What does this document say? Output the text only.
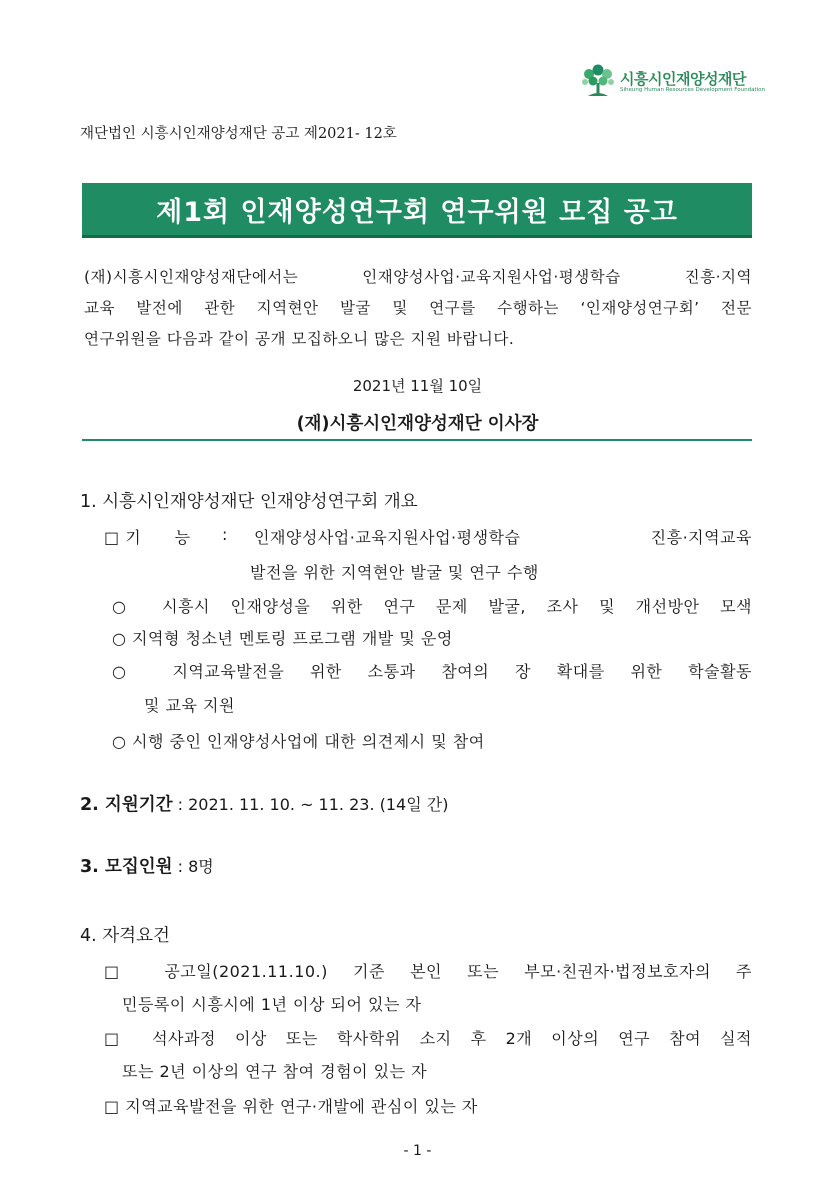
시흥시인재양성재단
Siheung Human Resources Development Foundation
재단법인 시흥시인재양성재단 공고 제2021- 12호
제1회 인재양성연구회 연구위원 모집 공고
(재)시흥시인재양성재단에서는 인재양성사업·교육지원사업·평생학습 진흥·지역
교육 발전에 관한 지역현안 발굴 및 연구를 수행하는 ‘인재양성연구회’ 전문
연구위원을 다음과 같이 공개 모집하오니 많은 지원 바랍니다.
2021년 11월 10일
(재)시흥시인재양성재단 이사장
1. 시흥시인재양성재단 인재양성연구회 개요
□ 기      능 : 인재양성사업·교육지원사업·평생학습 진흥·지역교육
발전을 위한 지역현안 발굴 및 연구 수행
○ 시흥시 인재양성을 위한 연구 문제 발굴, 조사 및 개선방안 모색
○ 지역형 청소년 멘토링 프로그램 개발 및 운영
○ 지역교육발전을 위한 소통과 참여의 장 확대를 위한 학술활동
및 교육 지원
○ 시행 중인 인재양성사업에 대한 의견제시 및 참여
2. 지원기간 : 2021. 11. 10. ~ 11. 23. (14일 간)
3. 모집인원 : 8명
4. 자격요건
□ 공고일(2021.11.10.) 기준 본인 또는 부모·친권자·법정보호자의 주
민등록이 시흥시에 1년 이상 되어 있는 자
□ 석사과정 이상 또는 학사학위 소지 후 2개 이상의 연구 참여 실적
또는 2년 이상의 연구 참여 경험이 있는 자
□ 지역교육발전을 위한 연구·개발에 관심이 있는 자
- 1 -
